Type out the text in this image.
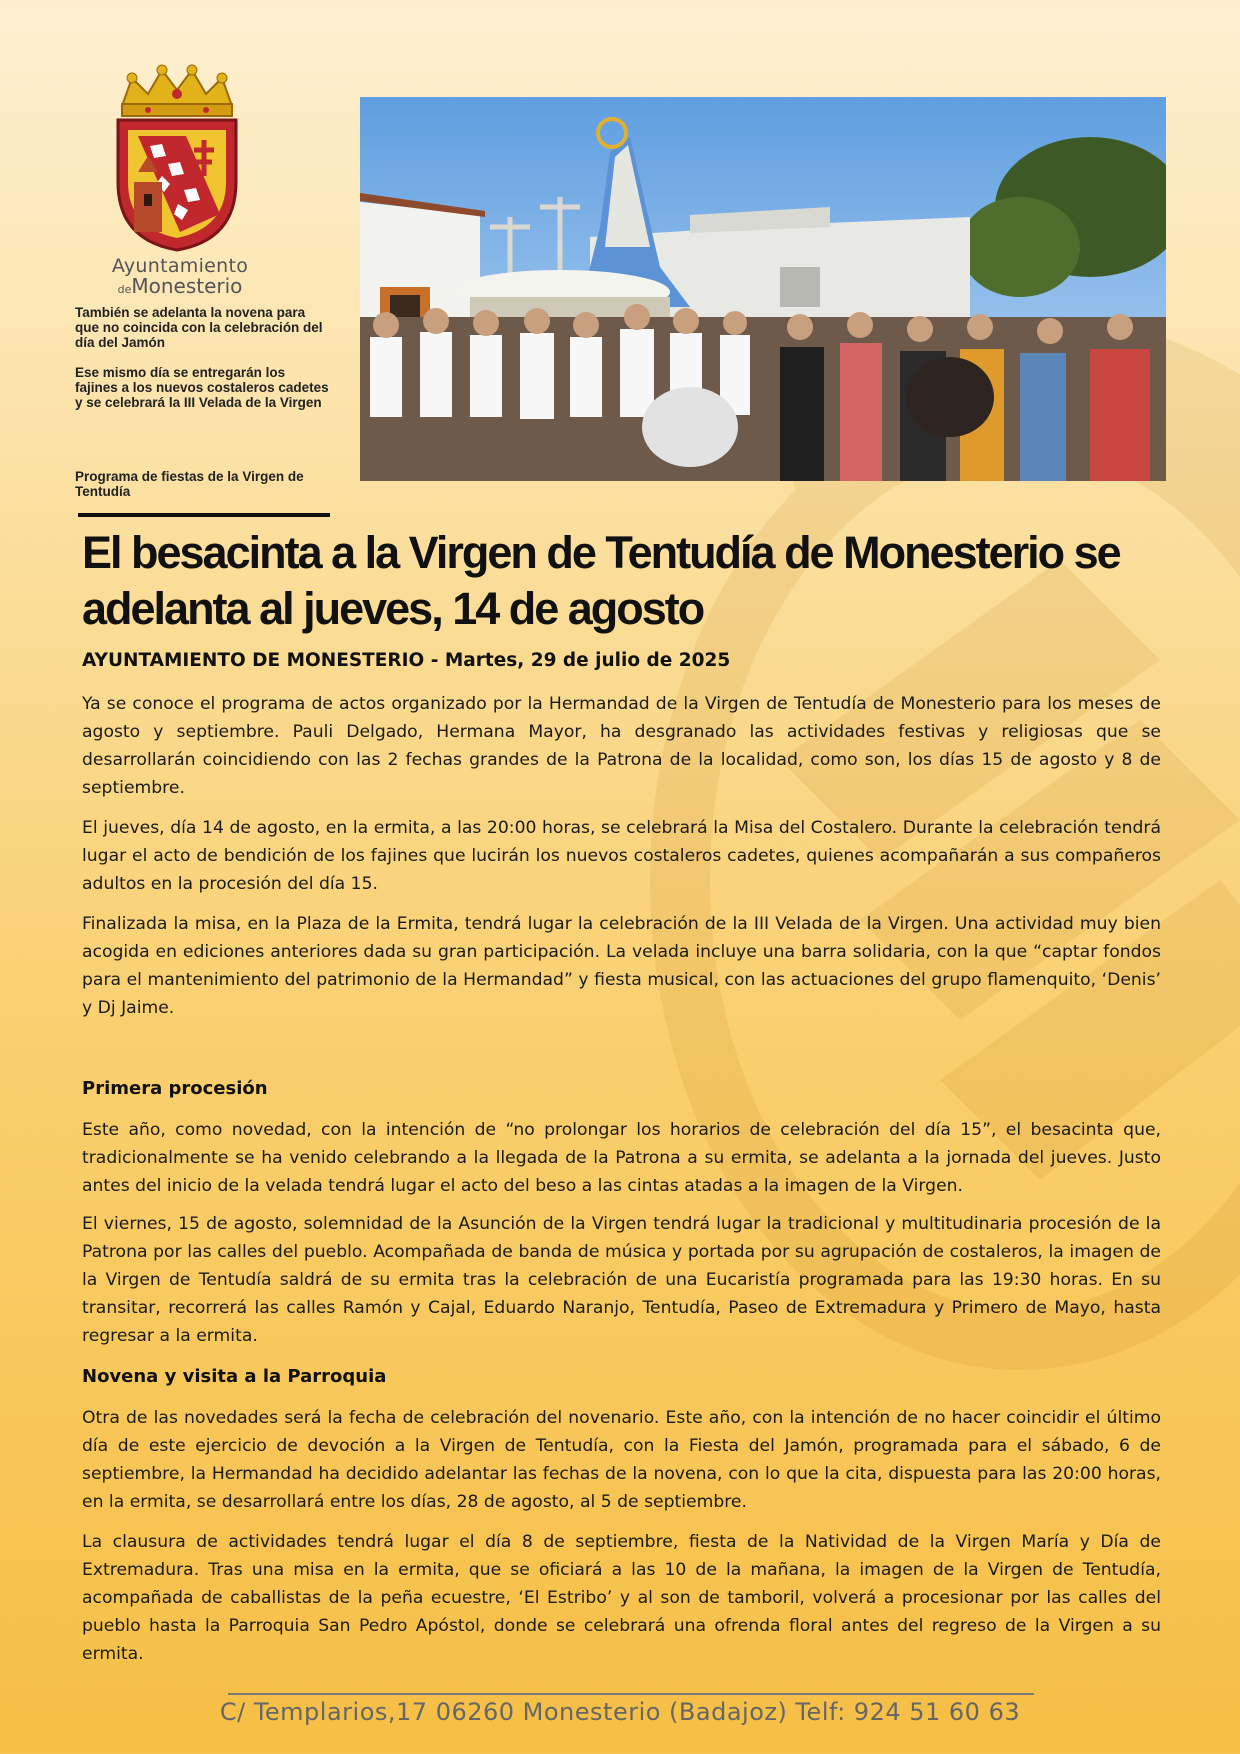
Ayuntamiento
deMonesterio

También se adelanta la novena para que no coincida con la celebración del día del Jamón

Ese mismo día se entregarán los fajines a los nuevos costaleros cadetes y se celebrará la III Velada de la Virgen

Programa de fiestas de la Virgen de Tentudía

El besacinta a la Virgen de Tentudía de Monesterio se adelanta al jueves, 14 de agosto

AYUNTAMIENTO DE MONESTERIO - Martes, 29 de julio de 2025

Ya se conoce el programa de actos organizado por la Hermandad de la Virgen de Tentudía de Monesterio para los meses de agosto y septiembre. Pauli Delgado, Hermana Mayor, ha desgranado las actividades festivas y religiosas que se desarrollarán coincidiendo con las 2 fechas grandes de la Patrona de la localidad, como son, los días 15 de agosto y 8 de septiembre.

El jueves, día 14 de agosto, en la ermita, a las 20:00 horas, se celebrará la Misa del Costalero. Durante la celebración tendrá lugar el acto de bendición de los fajines que lucirán los nuevos costaleros cadetes, quienes acompañarán a sus compañeros adultos en la procesión del día 15.

Finalizada la misa, en la Plaza de la Ermita, tendrá lugar la celebración de la III Velada de la Virgen. Una actividad muy bien acogida en ediciones anteriores dada su gran participación. La velada incluye una barra solidaria, con la que “captar fondos para el mantenimiento del patrimonio de la Hermandad” y fiesta musical, con las actuaciones del grupo flamenquito, ‘Denis’ y Dj Jaime.

Primera procesión

Este año, como novedad, con la intención de “no prolongar los horarios de celebración del día 15”, el besacinta que, tradicionalmente se ha venido celebrando a la llegada de la Patrona a su ermita, se adelanta a la jornada del jueves. Justo antes del inicio de la velada tendrá lugar el acto del beso a las cintas atadas a la imagen de la Virgen.

El viernes, 15 de agosto, solemnidad de la Asunción de la Virgen tendrá lugar la tradicional y multitudinaria procesión de la Patrona por las calles del pueblo. Acompañada de banda de música y portada por su agrupación de costaleros, la imagen de la Virgen de Tentudía saldrá de su ermita tras la celebración de una Eucaristía programada para las 19:30 horas. En su transitar, recorrerá las calles Ramón y Cajal, Eduardo Naranjo, Tentudía, Paseo de Extremadura y Primero de Mayo, hasta regresar a la ermita.

Novena y visita a la Parroquia

Otra de las novedades será la fecha de celebración del novenario. Este año, con la intención de no hacer coincidir el último día de este ejercicio de devoción a la Virgen de Tentudía, con la Fiesta del Jamón, programada para el sábado, 6 de septiembre, la Hermandad ha decidido adelantar las fechas de la novena, con lo que la cita, dispuesta para las 20:00 horas, en la ermita, se desarrollará entre los días, 28 de agosto, al 5 de septiembre.

La clausura de actividades tendrá lugar el día 8 de septiembre, fiesta de la Natividad de la Virgen María y Día de Extremadura. Tras una misa en la ermita, que se oficiará a las 10 de la mañana, la imagen de la Virgen de Tentudía, acompañada de caballistas de la peña ecuestre, ‘El Estribo’ y al son de tamboril, volverá a procesionar por las calles del pueblo hasta la Parroquia San Pedro Apóstol, donde se celebrará una ofrenda floral antes del regreso de la Virgen a su ermita.

C/ Templarios,17 06260 Monesterio (Badajoz) Telf: 924 51 60 63
